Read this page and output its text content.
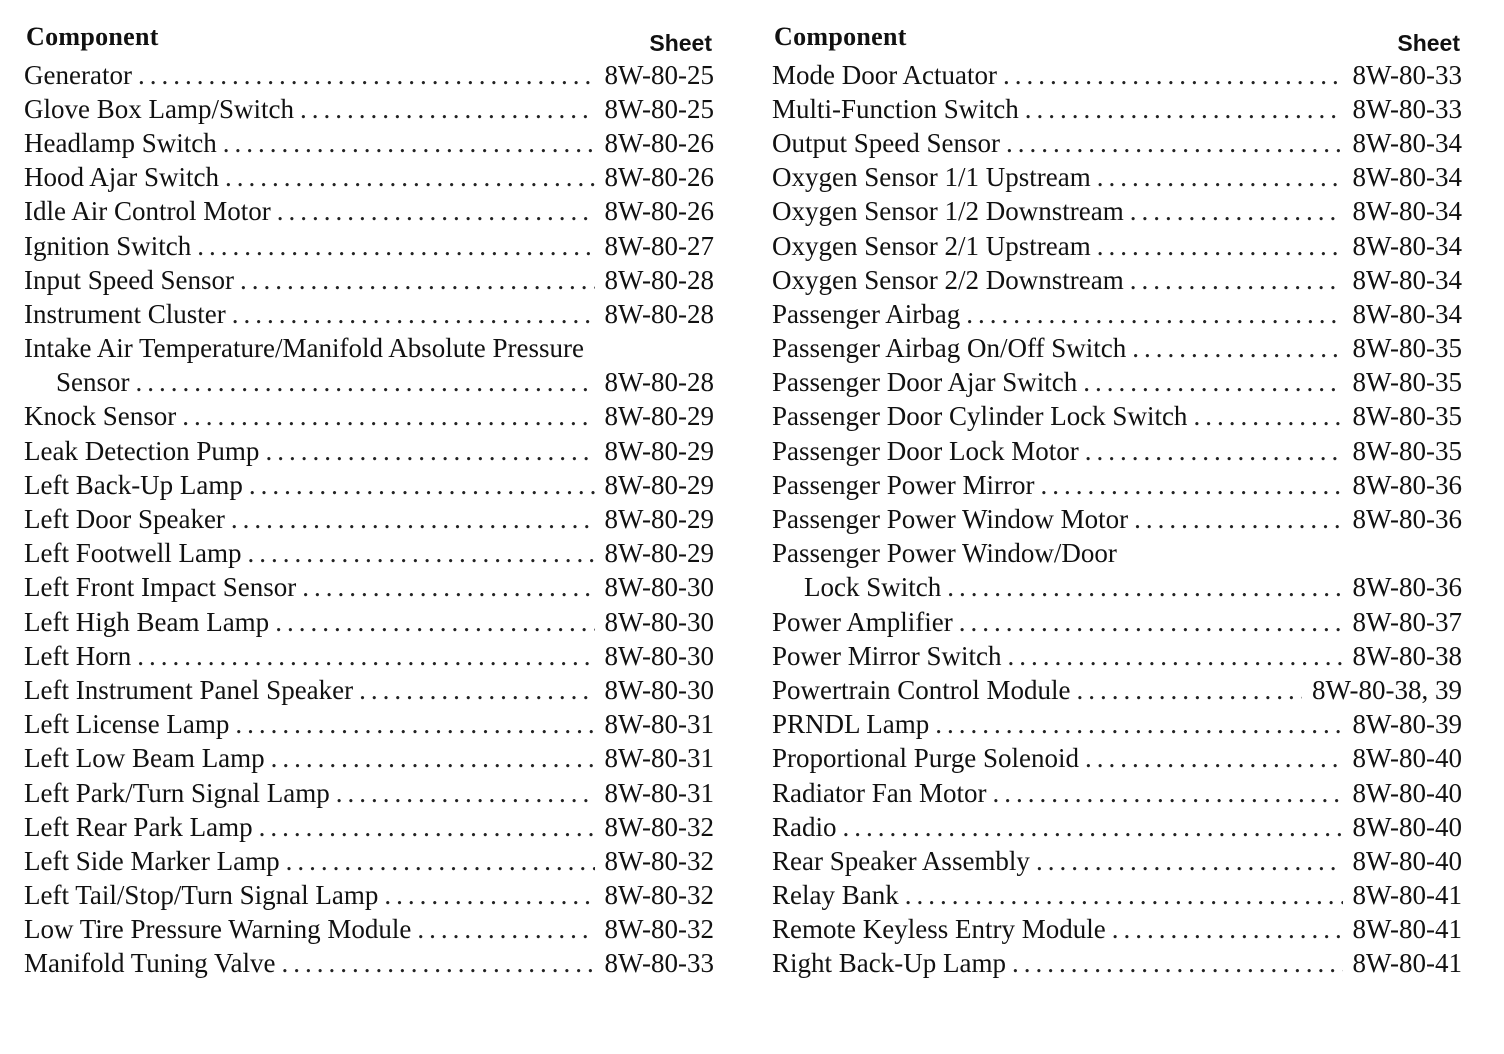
Component	Sheet
Generator .....	8W-80-25
Glove Box Lamp/Switch .....	8W-80-25
Headlamp Switch .....	8W-80-26
Hood Ajar Switch .....	8W-80-26
Idle Air Control Motor .....	8W-80-26
Ignition Switch .....	8W-80-27
Input Speed Sensor .....	8W-80-28
Instrument Cluster .....	8W-80-28
Intake Air Temperature/Manifold Absolute Pressure
Sensor .....	8W-80-28
Knock Sensor .....	8W-80-29
Leak Detection Pump .....	8W-80-29
Left Back-Up Lamp .....	8W-80-29
Left Door Speaker .....	8W-80-29
Left Footwell Lamp .....	8W-80-29
Left Front Impact Sensor .....	8W-80-30
Left High Beam Lamp .....	8W-80-30
Left Horn .....	8W-80-30
Left Instrument Panel Speaker .....	8W-80-30
Left License Lamp .....	8W-80-31
Left Low Beam Lamp .....	8W-80-31
Left Park/Turn Signal Lamp .....	8W-80-31
Left Rear Park Lamp .....	8W-80-32
Left Side Marker Lamp .....	8W-80-32
Left Tail/Stop/Turn Signal Lamp .....	8W-80-32
Low Tire Pressure Warning Module .....	8W-80-32
Manifold Tuning Valve .....	8W-80-33
Component	Sheet
Mode Door Actuator .....	8W-80-33
Multi-Function Switch .....	8W-80-33
Output Speed Sensor .....	8W-80-34
Oxygen Sensor 1/1 Upstream .....	8W-80-34
Oxygen Sensor 1/2 Downstream .....	8W-80-34
Oxygen Sensor 2/1 Upstream .....	8W-80-34
Oxygen Sensor 2/2 Downstream .....	8W-80-34
Passenger Airbag .....	8W-80-34
Passenger Airbag On/Off Switch .....	8W-80-35
Passenger Door Ajar Switch .....	8W-80-35
Passenger Door Cylinder Lock Switch .....	8W-80-35
Passenger Door Lock Motor .....	8W-80-35
Passenger Power Mirror .....	8W-80-36
Passenger Power Window Motor .....	8W-80-36
Passenger Power Window/Door
Lock Switch .....	8W-80-36
Power Amplifier .....	8W-80-37
Power Mirror Switch .....	8W-80-38
Powertrain Control Module .....	8W-80-38, 39
PRNDL Lamp .....	8W-80-39
Proportional Purge Solenoid .....	8W-80-40
Radiator Fan Motor .....	8W-80-40
Radio .....	8W-80-40
Rear Speaker Assembly .....	8W-80-40
Relay Bank .....	8W-80-41
Remote Keyless Entry Module .....	8W-80-41
Right Back-Up Lamp .....	8W-80-41
